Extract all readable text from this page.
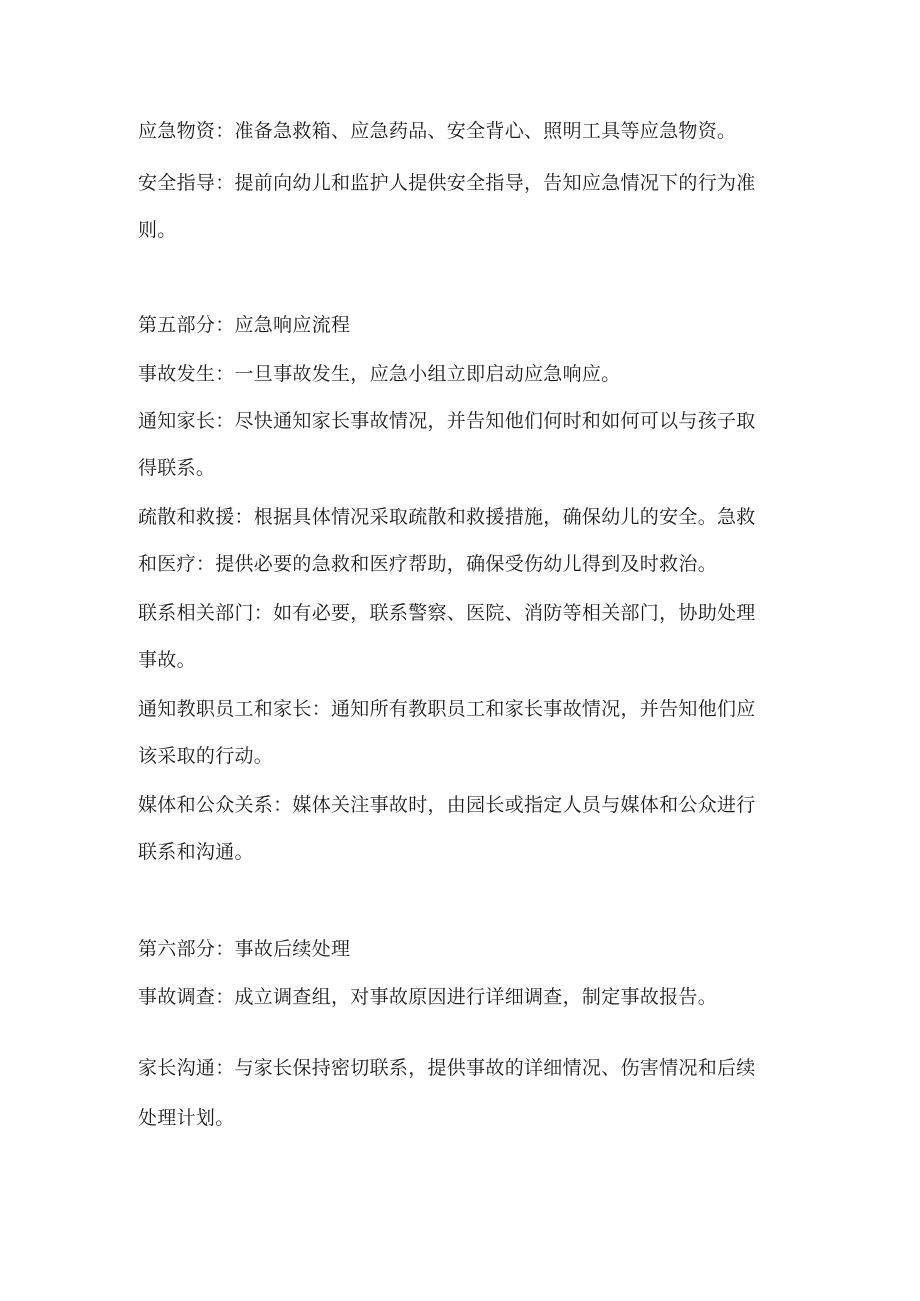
应急物资：准备急救箱、应急药品、安全背心、照明工具等应急物资。
安全指导：提前向幼儿和监护人提供安全指导，告知应急情况下的行为准
则。
第五部分：应急响应流程
事故发生：一旦事故发生，应急小组立即启动应急响应。
通知家长：尽快通知家长事故情况，并告知他们何时和如何可以与孩子取
得联系。
疏散和救援：根据具体情况采取疏散和救援措施，确保幼儿的安全。急救
和医疗：提供必要的急救和医疗帮助，确保受伤幼儿得到及时救治。
联系相关部门：如有必要，联系警察、医院、消防等相关部门，协助处理
事故。
通知教职员工和家长：通知所有教职员工和家长事故情况，并告知他们应
该采取的行动。
媒体和公众关系：媒体关注事故时，由园长或指定人员与媒体和公众进行
联系和沟通。
第六部分：事故后续处理
事故调查：成立调查组，对事故原因进行详细调查，制定事故报告。
家长沟通：与家长保持密切联系，提供事故的详细情况、伤害情况和后续
处理计划。
